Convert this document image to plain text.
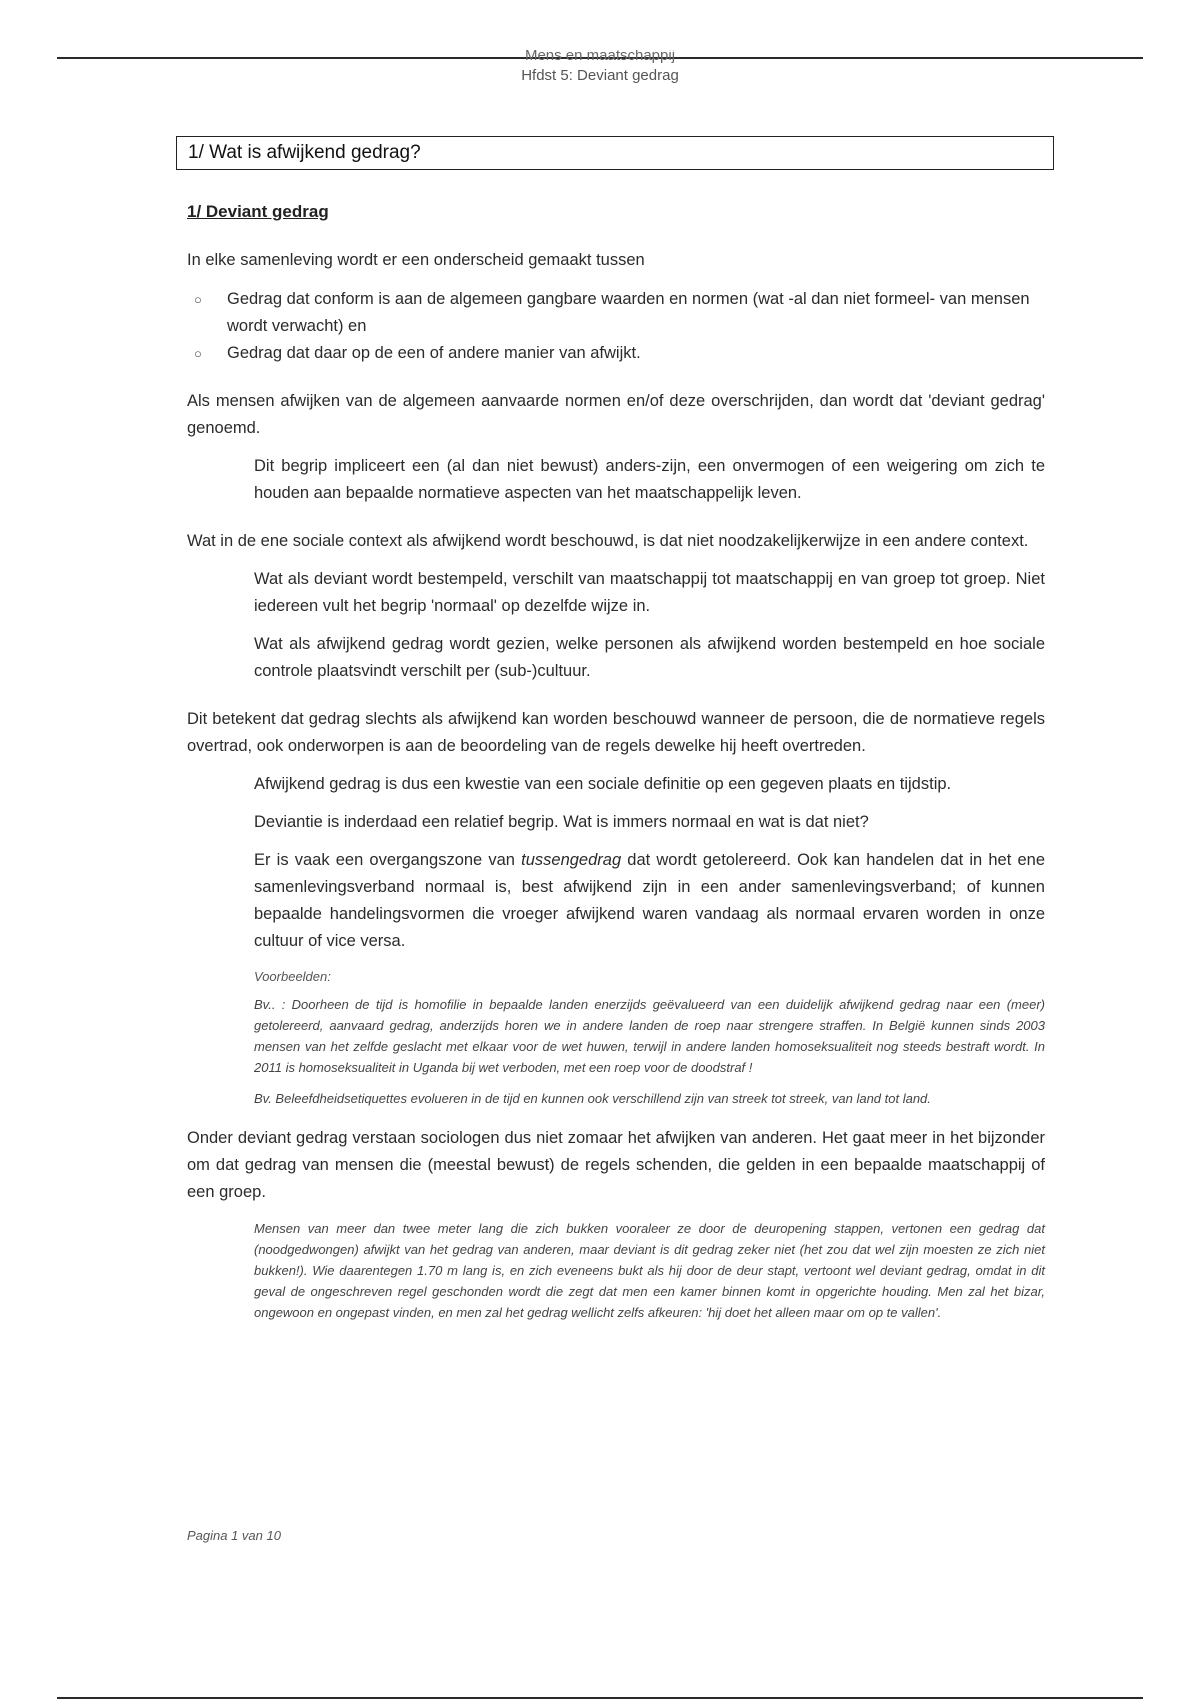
Mens en maatschappij
Hfdst 5: Deviant gedrag
1/ Wat is afwijkend gedrag?
1/ Deviant gedrag

In elke samenleving wordt er een onderscheid gemaakt tussen

○ Gedrag dat conform is aan de algemeen gangbare waarden en normen (wat -al dan niet formeel- van mensen wordt verwacht) en
○ Gedrag dat daar op de een of andere manier van afwijkt.

Als mensen afwijken van de algemeen aanvaarde normen en/of deze overschrijden, dan wordt dat 'deviant gedrag' genoemd.

Dit begrip impliceert een (al dan niet bewust) anders-zijn, een onvermogen of een weigering om zich te houden aan bepaalde normatieve aspecten van het maatschappelijk leven.

Wat in de ene sociale context als afwijkend wordt beschouwd, is dat niet noodzakelijkerwijze in een andere context.

Wat als deviant wordt bestempeld, verschilt van maatschappij tot maatschappij en van groep tot groep. Niet iedereen vult het begrip 'normaal' op dezelfde wijze in.

Wat als afwijkend gedrag wordt gezien, welke personen als afwijkend worden bestempeld en hoe sociale controle plaatsvindt verschilt per (sub-)cultuur.

Dit betekent dat gedrag slechts als afwijkend kan worden beschouwd wanneer de persoon, die de normatieve regels overtrad, ook onderworpen is aan de beoordeling van de regels dewelke hij heeft overtreden.

Afwijkend gedrag is dus een kwestie van een sociale definitie op een gegeven plaats en tijdstip.

Deviantie is inderdaad een relatief begrip. Wat is immers normaal en wat is dat niet?

Er is vaak een overgangszone van tussengedrag dat wordt getolereerd. Ook kan handelen dat in het ene samenlevingsverband normaal is, best afwijkend zijn in een ander samenlevingsverband; of kunnen bepaalde handelingsvormen die vroeger afwijkend waren vandaag als normaal ervaren worden in onze cultuur of vice versa.

Voorbeelden:

Bv.. : Doorheen de tijd is homofilie in bepaalde landen enerzijds geëvalueerd van een duidelijk afwijkend gedrag naar een (meer) getolereerd, aanvaard gedrag, anderzijds horen we in andere landen de roep naar strengere straffen. In België kunnen sinds 2003 mensen van het zelfde geslacht met elkaar voor de wet huwen, terwijl in andere landen homoseksualiteit nog steeds bestraft wordt. In 2011 is homoseksualiteit in Uganda bij wet verboden, met een roep voor de doodstraf !

Bv. Beleefdheidsetiquettes evolueren in de tijd en kunnen ook verschillend zijn van streek tot streek, van land tot land.

Onder deviant gedrag verstaan sociologen dus niet zomaar het afwijken van anderen. Het gaat meer in het bijzonder om dat gedrag van mensen die (meestal bewust) de regels schenden, die gelden in een bepaalde maatschappij of een groep.

Mensen van meer dan twee meter lang die zich bukken vooraleer ze door de deuropening stappen, vertonen een gedrag dat (noodgedwongen) afwijkt van het gedrag van anderen, maar deviant is dit gedrag zeker niet (het zou dat wel zijn moesten ze zich niet bukken!). Wie daarentegen 1.70 m lang is, en zich eveneens bukt als hij door de deur stapt, vertoont wel deviant gedrag, omdat in dit geval de ongeschreven regel geschonden wordt die zegt dat men een kamer binnen komt in opgerichte houding. Men zal het bizar, ongewoon en ongepast vinden, en men zal het gedrag wellicht zelfs afkeuren: 'hij doet het alleen maar om op te vallen'.

Pagina 1 van 10
